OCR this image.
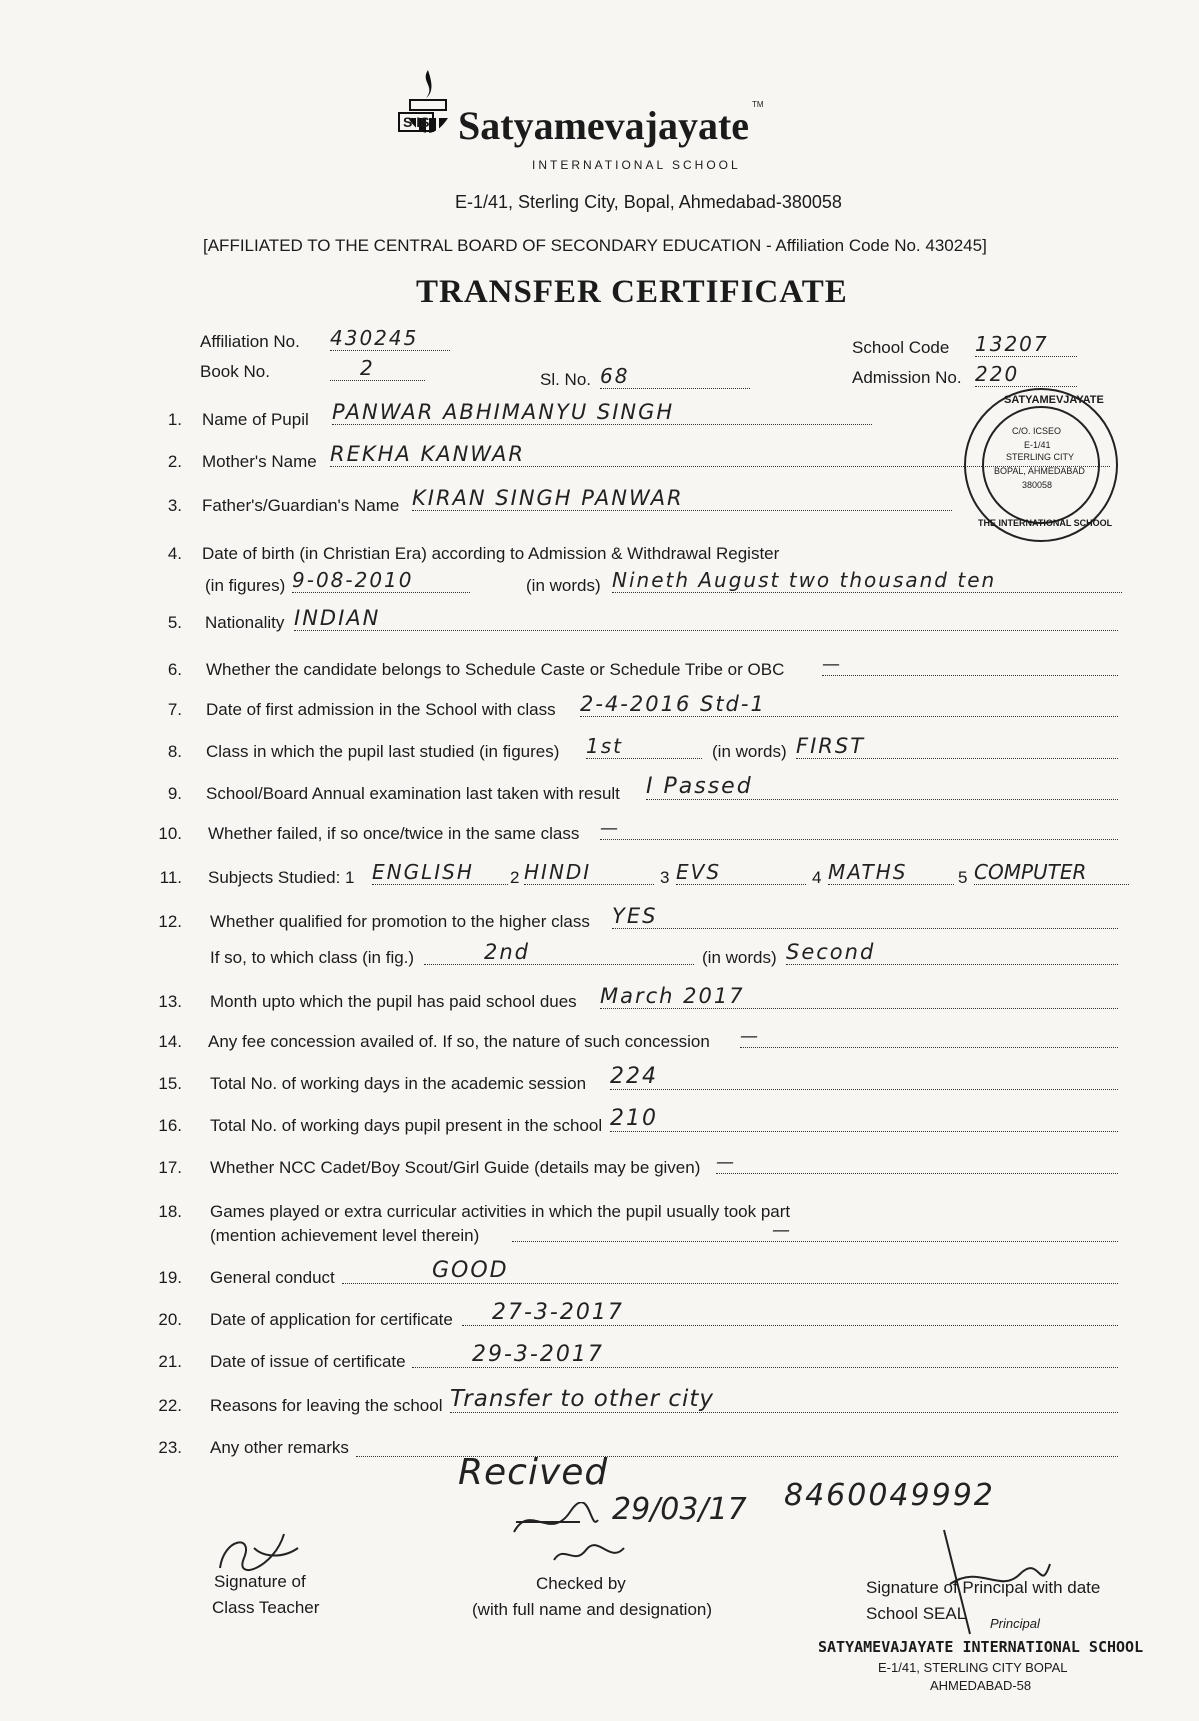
S IS Satyamevajayate TM
INTERNATIONAL SCHOOL
E-1/41, Sterling City, Bopal, Ahmedabad-380058
[AFFILIATED TO THE CENTRAL BOARD OF SECONDARY EDUCATION - Affiliation Code No. 430245]
TRANSFER CERTIFICATE
Affiliation No. 430245
Book No.	2	Sl. No. 68
School Code 13207
Admission No. 220
1. Name of Pupil PANWAR ABHIMANYU SINGH
2. Mother's Name REKHA KANWAR
3. Father's/Guardian's Name KIRAN SINGH PANWAR
4. Date of birth (in Christian Era) according to Admission & Withdrawal Register
(in figures) 9-08-2010	(in words) Nineth August two thousand ten
5. Nationality INDIAN
6. Whether the candidate belongs to Schedule Caste or Schedule Tribe or OBC —
7. Date of first admission in the School with class 2-4-2016 Std-1
8. Class in which the pupil last studied (in figures) 1st	(in words) FIRST
9. School/Board Annual examination last taken with result I Passed
10. Whether failed, if so once/twice in the same class —
11. Subjects Studied: 1 ENGLISH	2 HINDI	3 EVS	4 MATHS	5 COMPUTER
12. Whether qualified for promotion to the higher class YES
If so, to which class (in fig.)	2nd	(in words) Second
13. Month upto which the pupil has paid school dues March 2017
14. Any fee concession availed of. If so, the nature of such concession —
15. Total No. of working days in the academic session 224
16. Total No. of working days pupil present in the school 210
17. Whether NCC Cadet/Boy Scout/Girl Guide (details may be given) —
18. Games played or extra curricular activities in which the pupil usually took part
(mention achievement level therein)	—
19. General conduct	GOOD
20. Date of application for certificate	27-3-2017
21. Date of issue of certificate	29-3-2017
22. Reasons for leaving the school Transfer to other city
23. Any other remarks
Recived
29/03/17 8460049992
SATYAMEVJAYATE
C/O. ICSEO
E-1/41
STERLING CITY
BOPAL, AHMEDABAD
380058
THE INTERNATIONAL SCHOOL
Signature of
Class Teacher
Checked by
(with full name and designation)
Signature of Principal with date
School SEAL
Principal
SATYAMEVAJAYATE INTERNATIONAL SCHOOL
E-1/41, STERLING CITY BOPAL
AHMEDABAD-58
